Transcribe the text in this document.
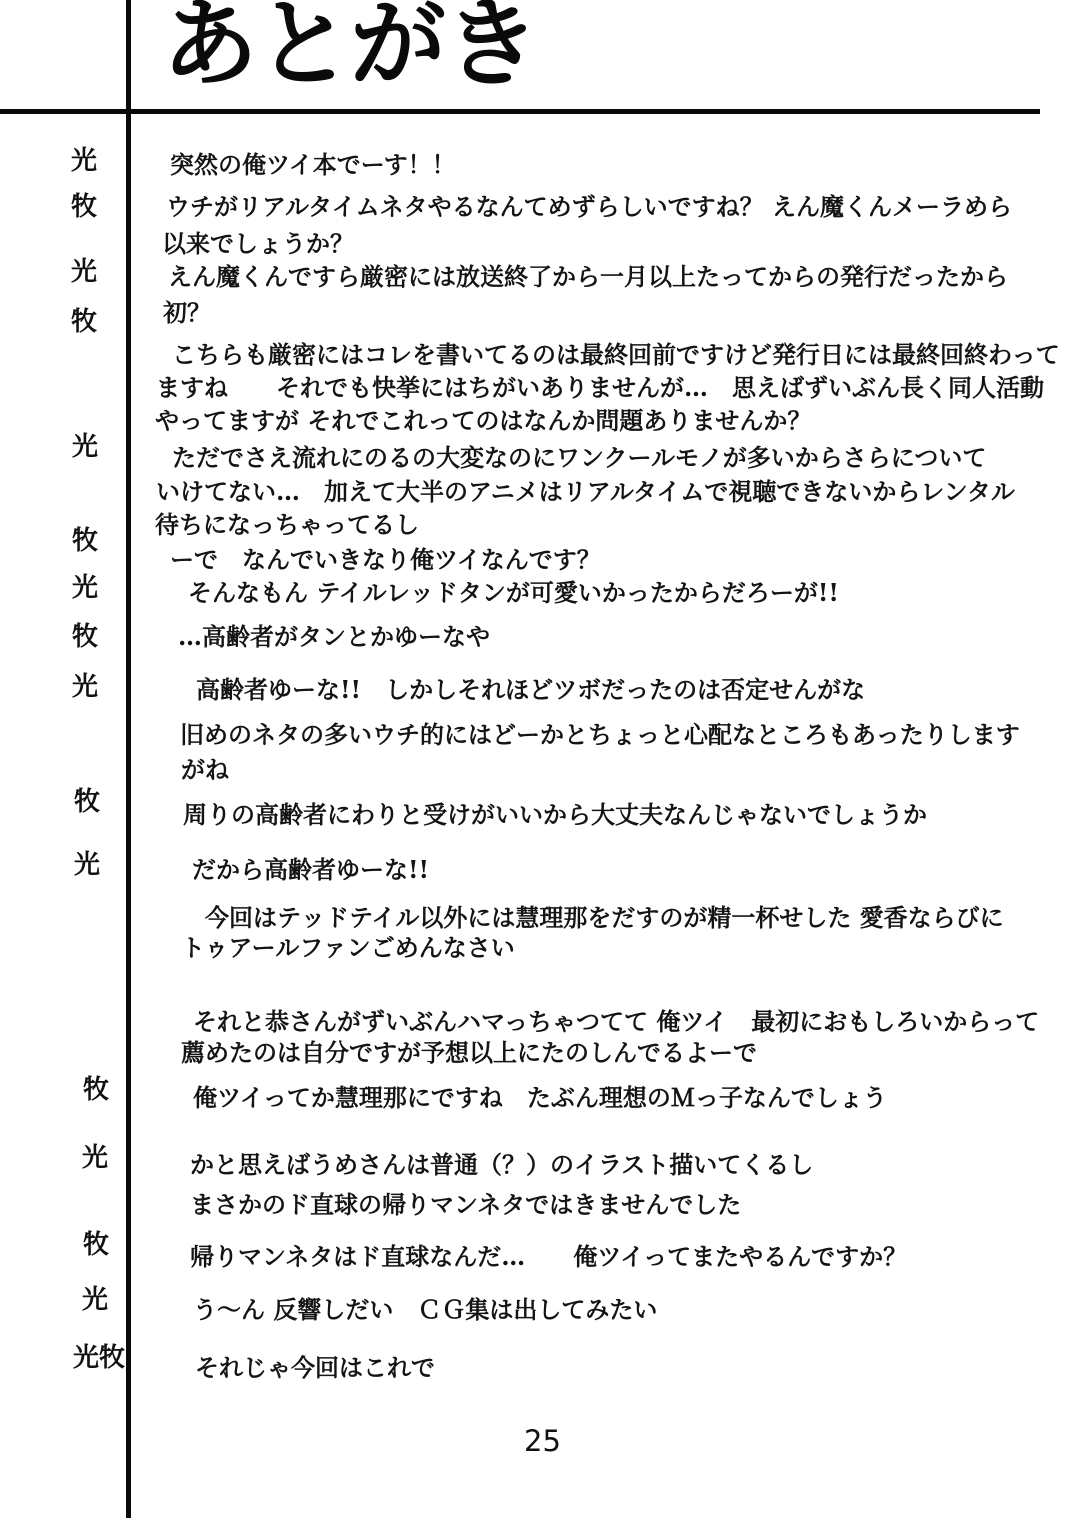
あとがき
光
牧
光
牧
光
牧
光
牧
光
牧
光
牧
光
牧
光
光牧
突然の俺ツイ本でーす！！
ウチがリアルタイムネタやるなんてめずらしいですね？ えん魔くんメーラめら
以来でしょうか？
えん魔くんですら厳密には放送終了から一月以上たってからの発行だったから
初？
こちらも厳密にはコレを書いてるのは最終回前ですけど発行日には最終回終わって
ますね　　それでも快挙にはちがいありませんが…　思えばずいぶん長く同人活動
やってますが それでこれってのはなんか問題ありませんか？
ただでさえ流れにのるの大変なのにワンクールモノが多いからさらについて
いけてない…　加えて大半のアニメはリアルタイムで視聴できないからレンタル
待ちになっちゃってるし
ーで　なんでいきなり俺ツイなんです？
そんなもん テイルレッドタンが可愛いかったからだろーが!!
…高齢者がタンとかゆーなや
高齢者ゆーな!!　しかしそれほどツボだったのは否定せんがな
旧めのネタの多いウチ的にはどーかとちょっと心配なところもあったりします
がね
周りの高齢者にわりと受けがいいから大丈夫なんじゃないでしょうか
だから高齢者ゆーな!!
今回はテッドテイル以外には慧理那をだすのが精一杯せした 愛香ならびに
トゥアールファンごめんなさい
それと恭さんがずいぶんハマっちゃつてて 俺ツイ　最初におもしろいからって
薦めたのは自分ですが予想以上にたのしんでるよーで
俺ツイってか慧理那にですね　たぶん理想のＭっ子なんでしょう
かと思えばうめさんは普通（？）のイラスト描いてくるし
まさかのド直球の帰りマンネタではきませんでした
帰りマンネタはド直球なんだ…　　俺ツイってまたやるんですか？
う～ん 反響しだい　ＣＧ集は出してみたい
それじゃ今回はこれで
25
